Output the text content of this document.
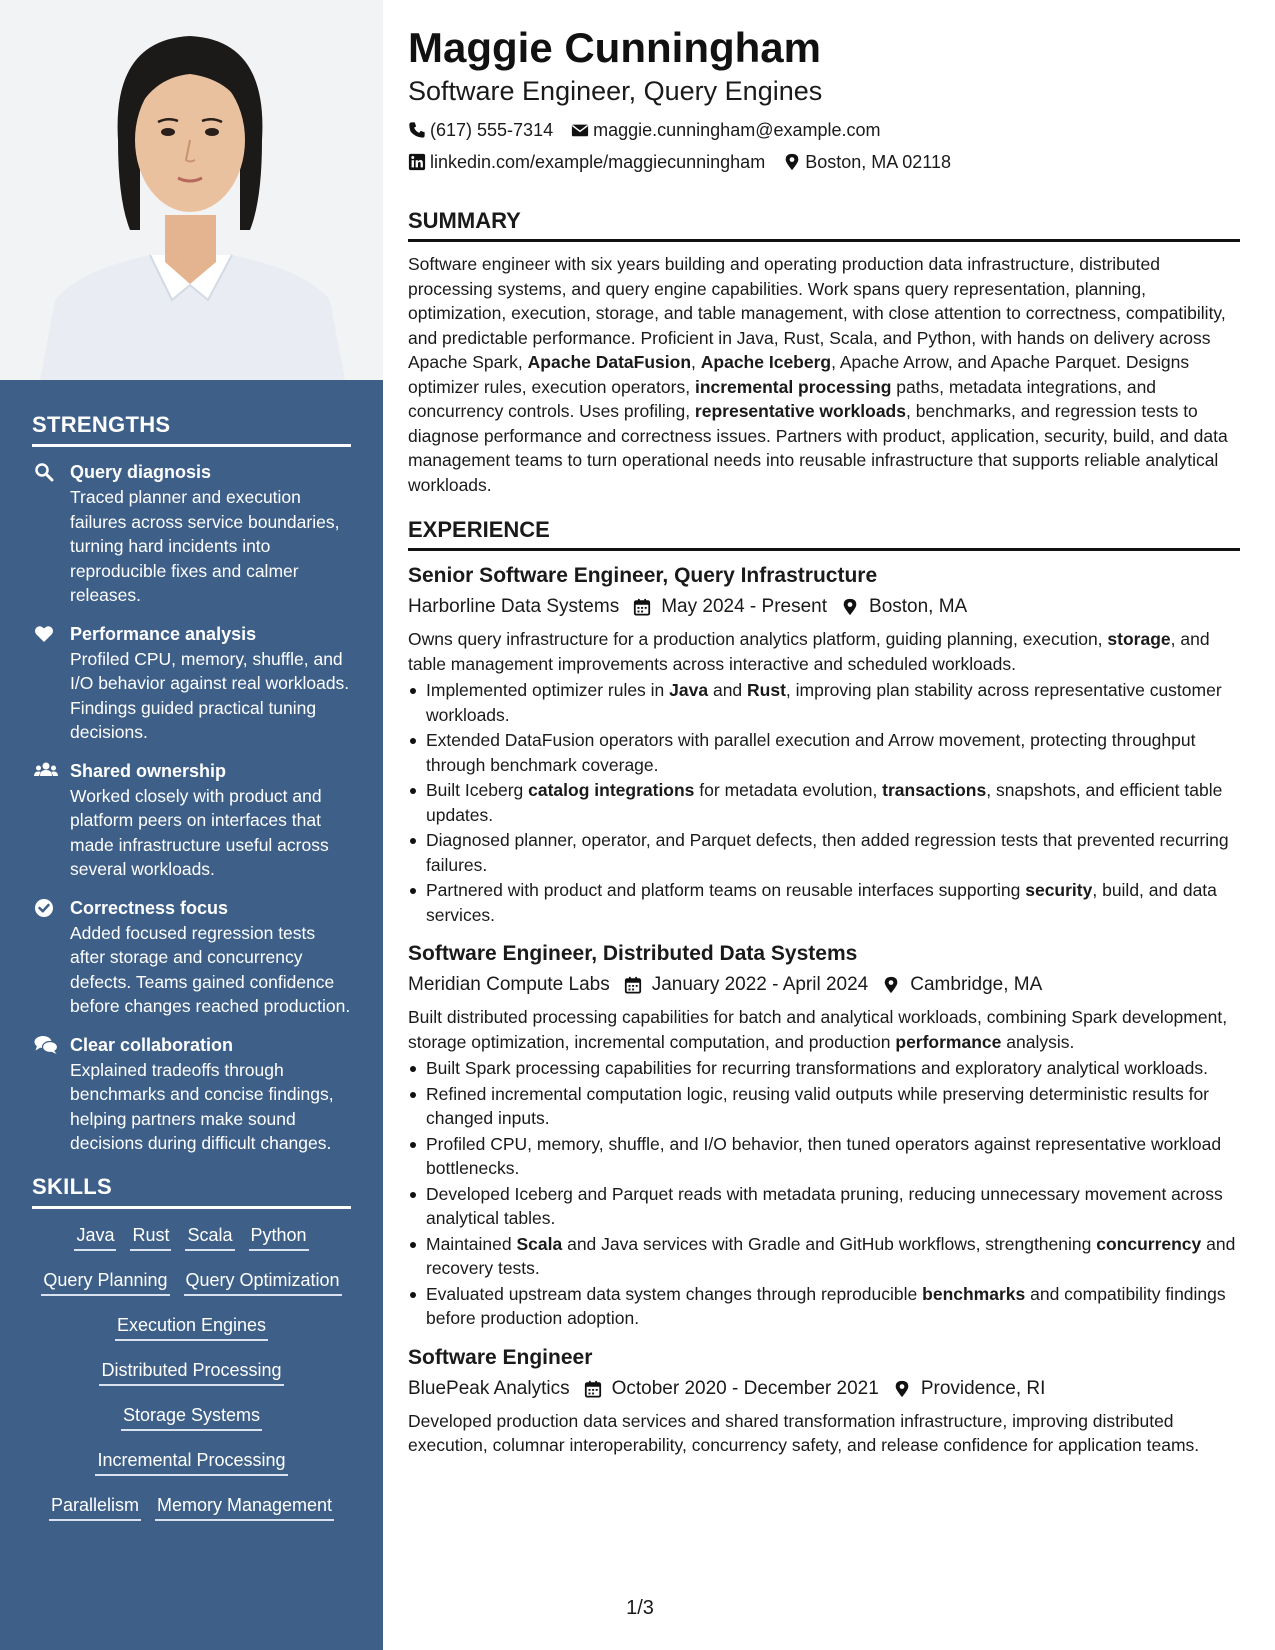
STRENGTHS
Query diagnosis
Traced planner and execution failures across service boundaries, turning hard incidents into reproducible fixes and calmer releases.
Performance analysis
Profiled CPU, memory, shuffle, and I/O behavior against real workloads. Findings guided practical tuning decisions.
Shared ownership
Worked closely with product and platform peers on interfaces that made infrastructure useful across several workloads.
Correctness focus
Added focused regression tests after storage and concurrency defects. Teams gained confidence before changes reached production.
Clear collaboration
Explained tradeoffs through benchmarks and concise findings, helping partners make sound decisions during difficult changes.
SKILLS
Java Rust Scala Python
Query Planning Query Optimization
Execution Engines
Distributed Processing
Storage Systems
Incremental Processing
Parallelism Memory Management
Maggie Cunningham
Software Engineer, Query Engines
(617) 555-7314 maggie.cunningham@example.com
linkedin.com/example/maggiecunningham Boston, MA 02118
SUMMARY
Software engineer with six years building and operating production data infrastructure, distributed processing systems, and query engine capabilities. Work spans query representation, planning, optimization, execution, storage, and table management, with close attention to correctness, compatibility, and predictable performance. Proficient in Java, Rust, Scala, and Python, with hands on delivery across Apache Spark, Apache DataFusion, Apache Iceberg, Apache Arrow, and Apache Parquet. Designs optimizer rules, execution operators, incremental processing paths, metadata integrations, and concurrency controls. Uses profiling, representative workloads, benchmarks, and regression tests to diagnose performance and correctness issues. Partners with product, application, security, build, and data management teams to turn operational needs into reusable infrastructure that supports reliable analytical workloads.
EXPERIENCE
Senior Software Engineer, Query Infrastructure
Harborline Data Systems May 2024 - Present Boston, MA
Owns query infrastructure for a production analytics platform, guiding planning, execution, storage, and table management improvements across interactive and scheduled workloads.
Implemented optimizer rules in Java and Rust, improving plan stability across representative customer workloads.
Extended DataFusion operators with parallel execution and Arrow movement, protecting throughput through benchmark coverage.
Built Iceberg catalog integrations for metadata evolution, transactions, snapshots, and efficient table updates.
Diagnosed planner, operator, and Parquet defects, then added regression tests that prevented recurring failures.
Partnered with product and platform teams on reusable interfaces supporting security, build, and data services.
Software Engineer, Distributed Data Systems
Meridian Compute Labs January 2022 - April 2024 Cambridge, MA
Built distributed processing capabilities for batch and analytical workloads, combining Spark development, storage optimization, incremental computation, and production performance analysis.
Built Spark processing capabilities for recurring transformations and exploratory analytical workloads.
Refined incremental computation logic, reusing valid outputs while preserving deterministic results for changed inputs.
Profiled CPU, memory, shuffle, and I/O behavior, then tuned operators against representative workload bottlenecks.
Developed Iceberg and Parquet reads with metadata pruning, reducing unnecessary movement across analytical tables.
Maintained Scala and Java services with Gradle and GitHub workflows, strengthening concurrency and recovery tests.
Evaluated upstream data system changes through reproducible benchmarks and compatibility findings before production adoption.
Software Engineer
BluePeak Analytics October 2020 - December 2021 Providence, RI
Developed production data services and shared transformation infrastructure, improving distributed execution, columnar interoperability, concurrency safety, and release confidence for application teams.
1/3
